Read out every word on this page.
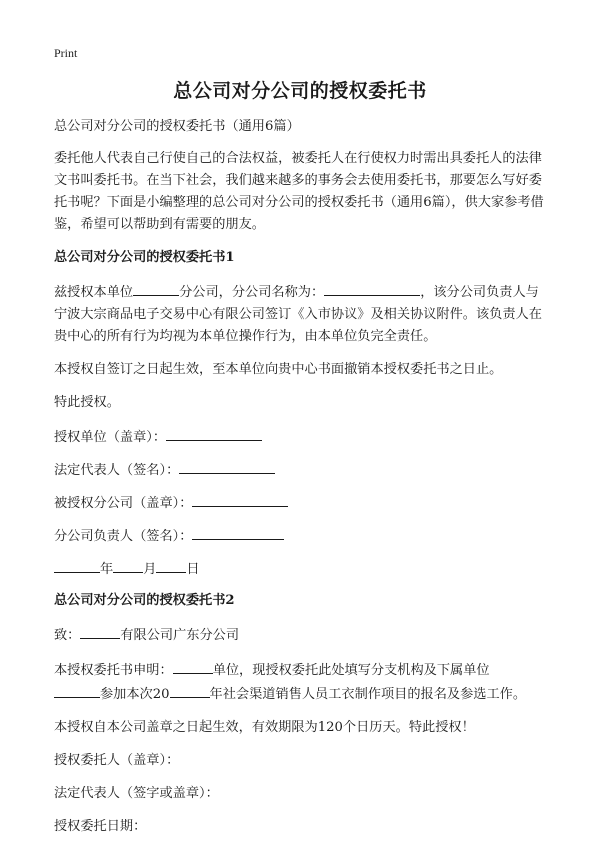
Print
总公司对分公司的授权委托书

总公司对分公司的授权委托书（通用6篇）

委托他人代表自己行使自己的合法权益，被委托人在行使权力时需出具委托人的法律文书叫委托书。在当下社会，我们越来越多的事务会去使用委托书，那要怎么写好委托书呢？下面是小编整理的总公司对分公司的授权委托书（通用6篇），供大家参考借鉴，希望可以帮助到有需要的朋友。

总公司对分公司的授权委托书1

兹授权本单位	分公司，分公司名称为：	，该分公司负责人与宁波大宗商品电子交易中心有限公司签订《入市协议》及相关协议附件。该负责人在贵中心的所有行为均视为本单位操作行为，由本单位负完全责任。

本授权自签订之日起生效，至本单位向贵中心书面撤销本授权委托书之日止。

特此授权。

授权单位（盖章）：

法定代表人（签名）：

被授权分公司（盖章）：

分公司负责人（签名）：

年 月 日

总公司对分公司的授权委托书2

致：	有限公司广东分公司

本授权委托书申明：	单位，现授权委托此处填写分支机构及下属单位
参加本次20	年社会渠道销售人员工衣制作项目的报名及参选工作。

本授权自本公司盖章之日起生效，有效期限为120个日历天。特此授权！

授权委托人（盖章）：

法定代表人（签字或盖章）：

授权委托日期：
